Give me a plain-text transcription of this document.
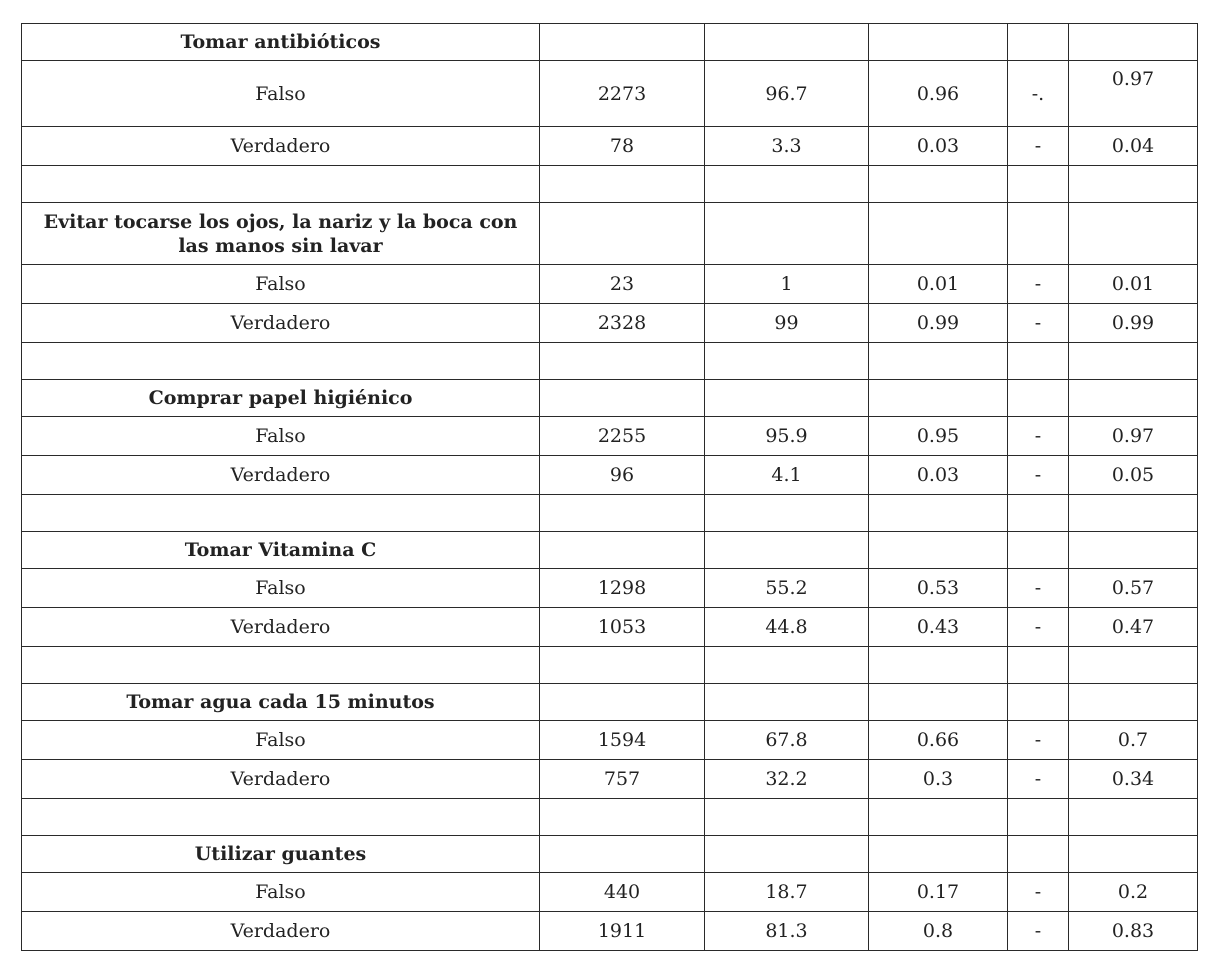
Tomar antibióticos					
Falso	2273	96.7	0.96	-.	0.97
Verdadero	78	3.3	0.03	-	0.04

Evitar tocarse los ojos, la nariz y la boca con las manos sin lavar					
Falso	23	1	0.01	-	0.01
Verdadero	2328	99	0.99	-	0.99

Comprar papel higiénico					
Falso	2255	95.9	0.95	-	0.97
Verdadero	96	4.1	0.03	-	0.05

Tomar Vitamina C					
Falso	1298	55.2	0.53	-	0.57
Verdadero	1053	44.8	0.43	-	0.47

Tomar agua cada 15 minutos					
Falso	1594	67.8	0.66	-	0.7
Verdadero	757	32.2	0.3	-	0.34

Utilizar guantes					
Falso	440	18.7	0.17	-	0.2
Verdadero	1911	81.3	0.8	-	0.83
